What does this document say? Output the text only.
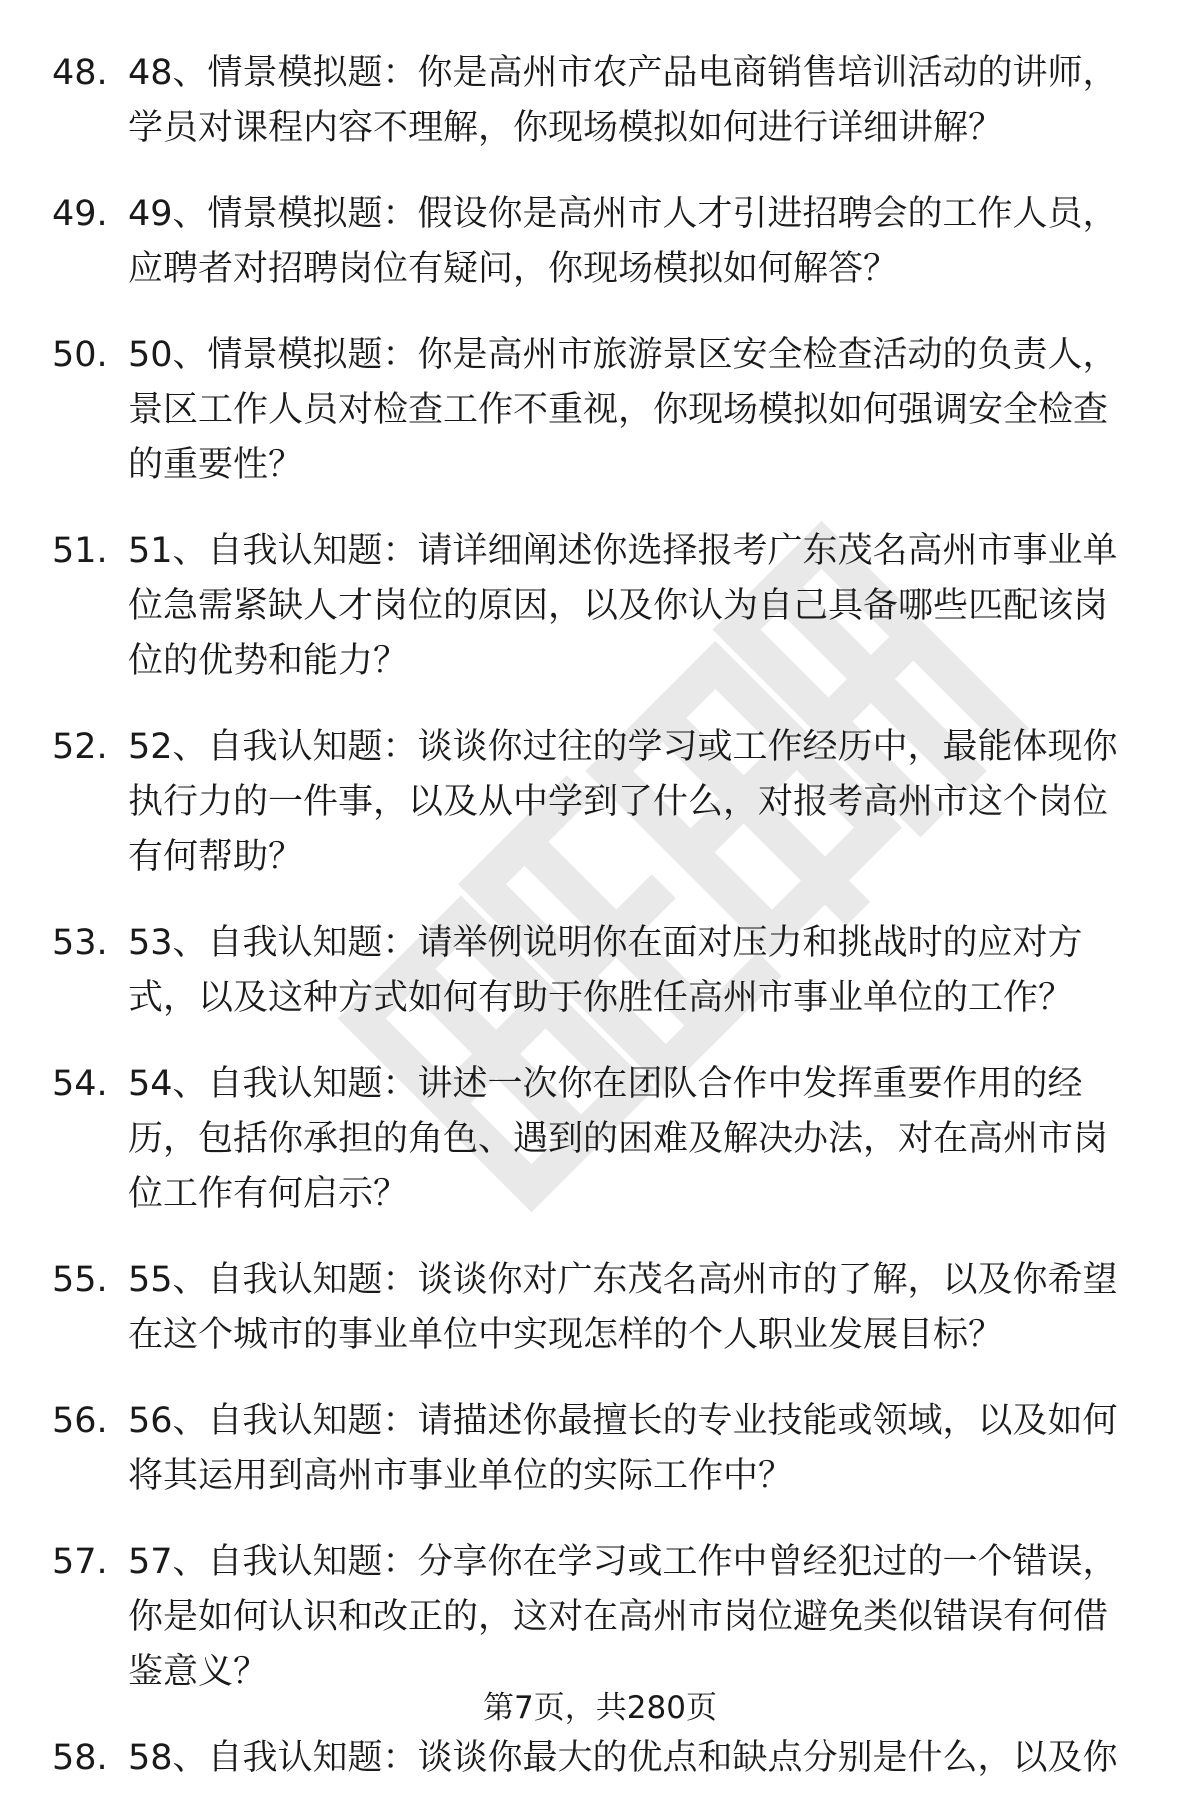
48. 48、情景模拟题：你是高州市农产品电商销售培训活动的讲师，学员对课程内容不理解，你现场模拟如何进行详细讲解？
49. 49、情景模拟题：假设你是高州市人才引进招聘会的工作人员，应聘者对招聘岗位有疑问，你现场模拟如何解答？
50. 50、情景模拟题：你是高州市旅游景区安全检查活动的负责人，景区工作人员对检查工作不重视，你现场模拟如何强调安全检查的重要性？
51. 51、自我认知题：请详细阐述你选择报考广东茂名高州市事业单位急需紧缺人才岗位的原因，以及你认为自己具备哪些匹配该岗位的优势和能力？
52. 52、自我认知题：谈谈你过往的学习或工作经历中，最能体现你执行力的一件事，以及从中学到了什么，对报考高州市这个岗位有何帮助？
53. 53、自我认知题：请举例说明你在面对压力和挑战时的应对方式，以及这种方式如何有助于你胜任高州市事业单位的工作？
54. 54、自我认知题：讲述一次你在团队合作中发挥重要作用的经历，包括你承担的角色、遇到的困难及解决办法，对在高州市岗位工作有何启示？
55. 55、自我认知题：谈谈你对广东茂名高州市的了解，以及你希望在这个城市的事业单位中实现怎样的个人职业发展目标？
56. 56、自我认知题：请描述你最擅长的专业技能或领域，以及如何将其运用到高州市事业单位的实际工作中？
57. 57、自我认知题：分享你在学习或工作中曾经犯过的一个错误，你是如何认识和改正的，这对在高州市岗位避免类似错误有何借鉴意义？
58. 58、自我认知题：谈谈你最大的优点和缺点分别是什么，以及你
第7页，共280页
